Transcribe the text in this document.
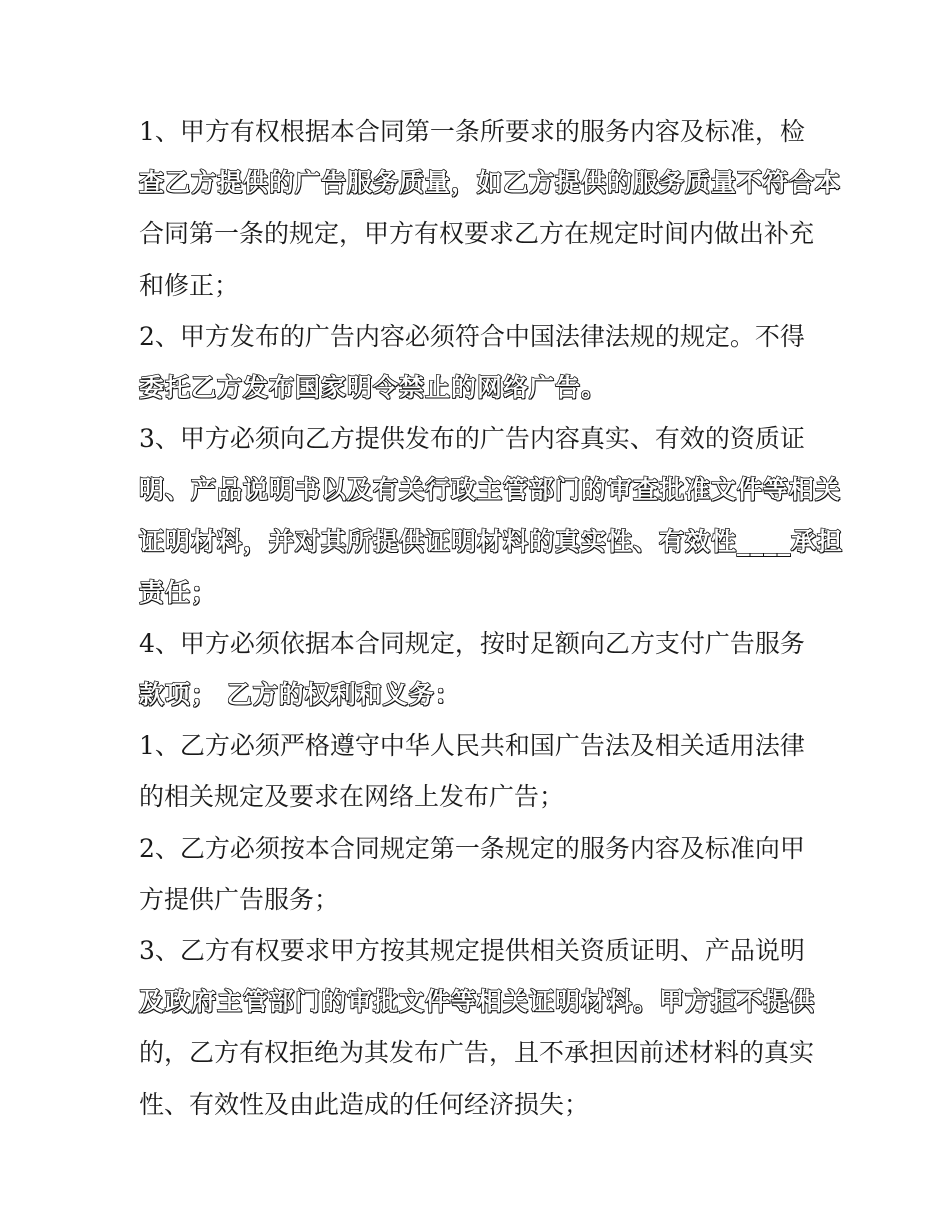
1、甲方有权根据本合同第一条所要求的服务内容及标准，检
查乙方提供的广告服务质量，如乙方提供的服务质量不符合本
合同第一条的规定，甲方有权要求乙方在规定时间内做出补充
和修正；
2、甲方发布的广告内容必须符合中国法律法规的规定。不得
委托乙方发布国家明令禁止的网络广告。
3、甲方必须向乙方提供发布的广告内容真实、有效的资质证
明、产品说明书以及有关行政主管部门的审查批准文件等相关
证明材料，并对其所提供证明材料的真实性、有效性____承担
责任；
4、甲方必须依据本合同规定，按时足额向乙方支付广告服务
款项； 乙方的权利和义务：
1、乙方必须严格遵守中华人民共和国广告法及相关适用法律
的相关规定及要求在网络上发布广告；
2、乙方必须按本合同规定第一条规定的服务内容及标准向甲
方提供广告服务；
3、乙方有权要求甲方按其规定提供相关资质证明、产品说明
及政府主管部门的审批文件等相关证明材料。甲方拒不提供
的，乙方有权拒绝为其发布广告，且不承担因前述材料的真实
性、有效性及由此造成的任何经济损失；
